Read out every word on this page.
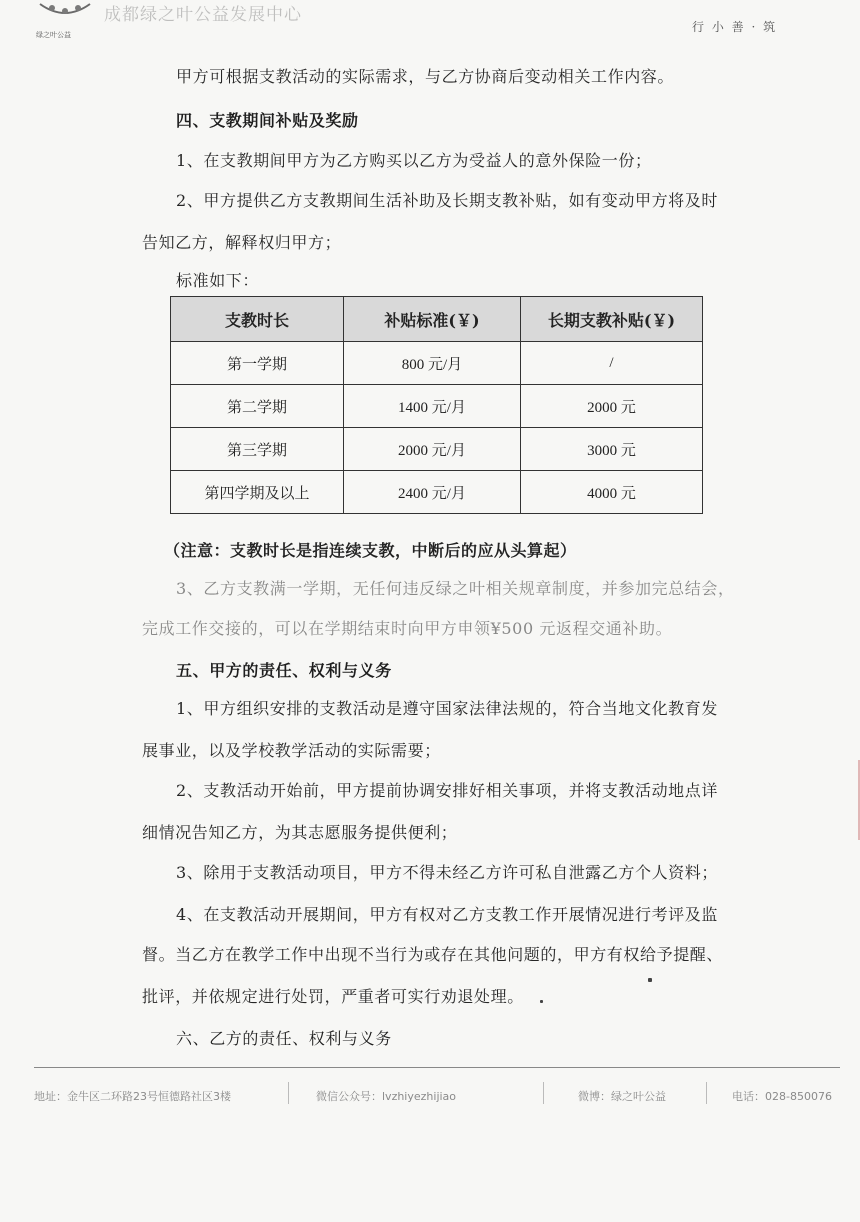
绿之叶公益
成都绿之叶公益发展中心
行 小 善 · 筑
甲方可根据支教活动的实际需求，与乙方协商后变动相关工作内容。
四、支教期间补贴及奖励
1、在支教期间甲方为乙方购买以乙方为受益人的意外保险一份；
2、甲方提供乙方支教期间生活补助及长期支教补贴，如有变动甲方将及时
告知乙方，解释权归甲方；
标准如下：
支教时长	补贴标准(￥)	长期支教补贴(￥)
第一学期	800 元/月	/
第二学期	1400 元/月	2000 元
第三学期	2000 元/月	3000 元
第四学期及以上	2400 元/月	4000 元
（注意：支教时长是指连续支教，中断后的应从头算起）
3、乙方支教满一学期，无任何违反绿之叶相关规章制度，并参加完总结会，
完成工作交接的，可以在学期结束时向甲方申领¥500 元返程交通补助。
五、甲方的责任、权利与义务
1、甲方组织安排的支教活动是遵守国家法律法规的，符合当地文化教育发
展事业，以及学校教学活动的实际需要；
2、支教活动开始前，甲方提前协调安排好相关事项，并将支教活动地点详
细情况告知乙方，为其志愿服务提供便利；
3、除用于支教活动项目，甲方不得未经乙方许可私自泄露乙方个人资料；
4、在支教活动开展期间，甲方有权对乙方支教工作开展情况进行考评及监
督。当乙方在教学工作中出现不当行为或存在其他问题的，甲方有权给予提醒、
批评，并依规定进行处罚，严重者可实行劝退处理。
六、乙方的责任、权利与义务
地址：金牛区二环路23号恒德路社区3楼	微信公众号：lvzhiyezhijiao	微博：绿之叶公益	电话：028-850076
